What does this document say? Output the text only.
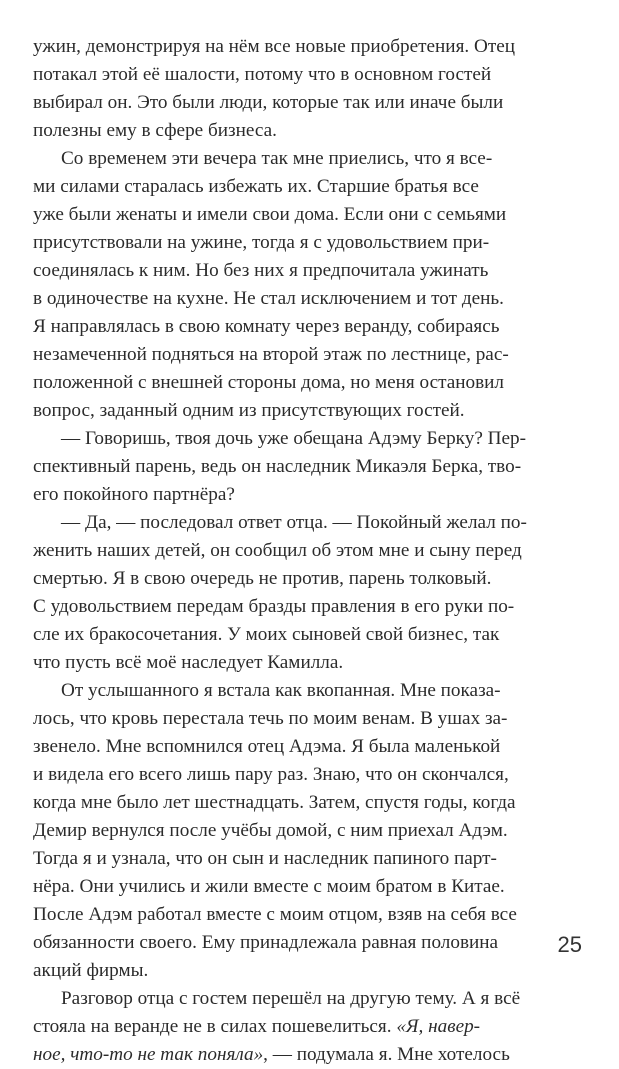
ужин, демонстрируя на нём все новые приобретения. Отец
потакал этой её шалости, потому что в основном гостей
выбирал он. Это были люди, которые так или иначе были
полезны ему в сфере бизнеса.
Со временем эти вечера так мне приелись, что я все-
ми силами старалась избежать их. Старшие братья все
уже были женаты и имели свои дома. Если они с семьями
присутствовали на ужине, тогда я с удовольствием при-
соединялась к ним. Но без них я предпочитала ужинать
в одиночестве на кухне. Не стал исключением и тот день.
Я направлялась в свою комнату через веранду, собираясь
незамеченной подняться на второй этаж по лестнице, рас-
положенной с внешней стороны дома, но меня остановил
вопрос, заданный одним из присутствующих гостей.
— Говоришь, твоя дочь уже обещана Адэму Берку? Пер-
спективный парень, ведь он наследник Микаэля Берка, тво-
его покойного партнёра?
— Да, — последовал ответ отца. — Покойный желал по-
женить наших детей, он сообщил об этом мне и сыну перед
смертью. Я в свою очередь не против, парень толковый.
С удовольствием передам бразды правления в его руки по-
сле их бракосочетания. У моих сыновей свой бизнес, так
что пусть всё моё наследует Камилла.
От услышанного я встала как вкопанная. Мне показа-
лось, что кровь перестала течь по моим венам. В ушах за-
звенело. Мне вспомнился отец Адэма. Я была маленькой
и видела его всего лишь пару раз. Знаю, что он скончался,
когда мне было лет шестнадцать. Затем, спустя годы, когда
Демир вернулся после учёбы домой, с ним приехал Адэм.
Тогда я и узнала, что он сын и наследник папиного парт-
нёра. Они учились и жили вместе с моим братом в Китае.
После Адэм работал вместе с моим отцом, взяв на себя все
обязанности своего. Ему принадлежала равная половина
акций фирмы.
Разговор отца с гостем перешёл на другую тему. А я всё
стояла на веранде не в силах пошевелиться. «Я, навер-
ное, что-то не так поняла», — подумала я. Мне хотелось
25
